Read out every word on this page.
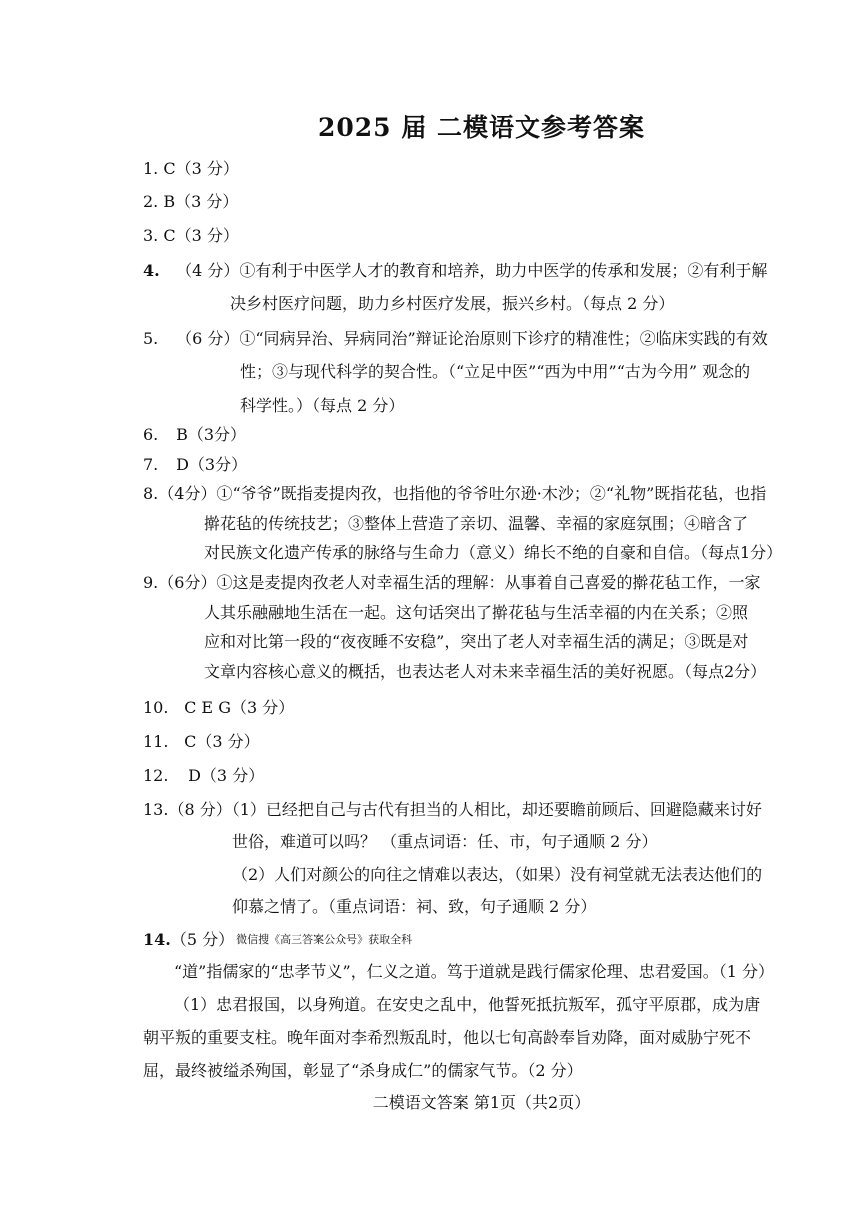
2025 届 二模语文参考答案
1. C（3 分）
2. B（3 分）
3. C（3 分）
4. （4 分）①有利于中医学人才的教育和培养，助力中医学的传承和发展；②有利于解
决乡村医疗问题，助力乡村医疗发展，振兴乡村。（每点 2 分）
5. （6 分）①“同病异治、异病同治”辩证论治原则下诊疗的精准性；②临床实践的有效
性；③与现代科学的契合性。（“立足中医”“西为中用”“古为今用” 观念的
科学性。）（每点 2 分）
6. B（3分）
7. D（3分）
8.（4分）①“爷爷”既指麦提肉孜，也指他的爷爷吐尔逊·木沙；②“礼物”既指花毡，也指
擀花毡的传统技艺；③整体上营造了亲切、温馨、幸福的家庭氛围；④暗含了
对民族文化遗产传承的脉络与生命力（意义）绵长不绝的自豪和自信。（每点1分）
9.（6分）①这是麦提肉孜老人对幸福生活的理解：从事着自己喜爱的擀花毡工作，一家
人其乐融融地生活在一起。这句话突出了擀花毡与生活幸福的内在关系；②照
应和对比第一段的“夜夜睡不安稳”，突出了老人对幸福生活的满足；③既是对
文章内容核心意义的概括，也表达老人对未来幸福生活的美好祝愿。（每点2分）
10. C E G（3 分）
11. C（3 分）
12. D（3 分）
13.（8 分）（1）已经把自己与古代有担当的人相比，却还要瞻前顾后、回避隐藏来讨好
世俗，难道可以吗？ （重点词语：任、市，句子通顺 2 分）
（2）人们对颜公的向往之情难以表达，（如果）没有祠堂就无法表达他们的
仰慕之情了。（重点词语：祠、致，句子通顺 2 分）
14.（5 分） 微信搜《高三答案公众号》获取全科
“道”指儒家的“忠孝节义”，仁义之道。笃于道就是践行儒家伦理、忠君爱国。（1 分）
（1）忠君报国，以身殉道。在安史之乱中，他誓死抵抗叛军，孤守平原郡，成为唐
朝平叛的重要支柱。晚年面对李希烈叛乱时，他以七旬高龄奉旨劝降，面对威胁宁死不
屈，最终被缢杀殉国，彰显了“杀身成仁”的儒家气节。（2 分）
二模语文答案 第1页（共2页）
